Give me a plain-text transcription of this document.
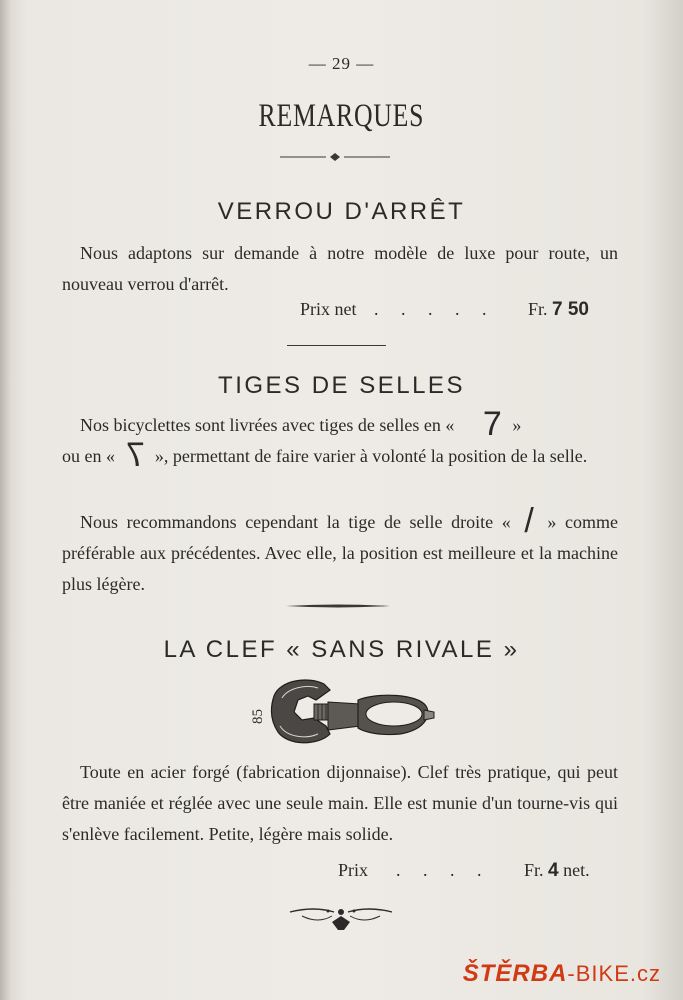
— 29 —
REMARQUES
VERROU D'ARRÊT
Nous adaptons sur demande à notre modèle de luxe pour route, un nouveau verrou d'arrêt.
Prix net . . . . . Fr. 7 50
TIGES DE SELLES
Nos bicyclettes sont livrées avec tiges de selles en « 7 »
ou en « 7 », permettant de faire varier à volonté la position de la selle.
Nous recommandons cependant la tige de selle droite « / » comme préférable aux précédentes. Avec elle, la position est meilleure et la machine plus légère.
LA CLEF « SANS RIVALE »
85
Toute en acier forgé (fabrication dijonnaise). Clef très pratique, qui peut être maniée et réglée avec une seule main. Elle est munie d'un tourne-vis qui s'enlève facilement. Petite, légère mais solide.
Prix . . . . Fr. 4 net.
ŠTĚRBA-BIKE.cz
